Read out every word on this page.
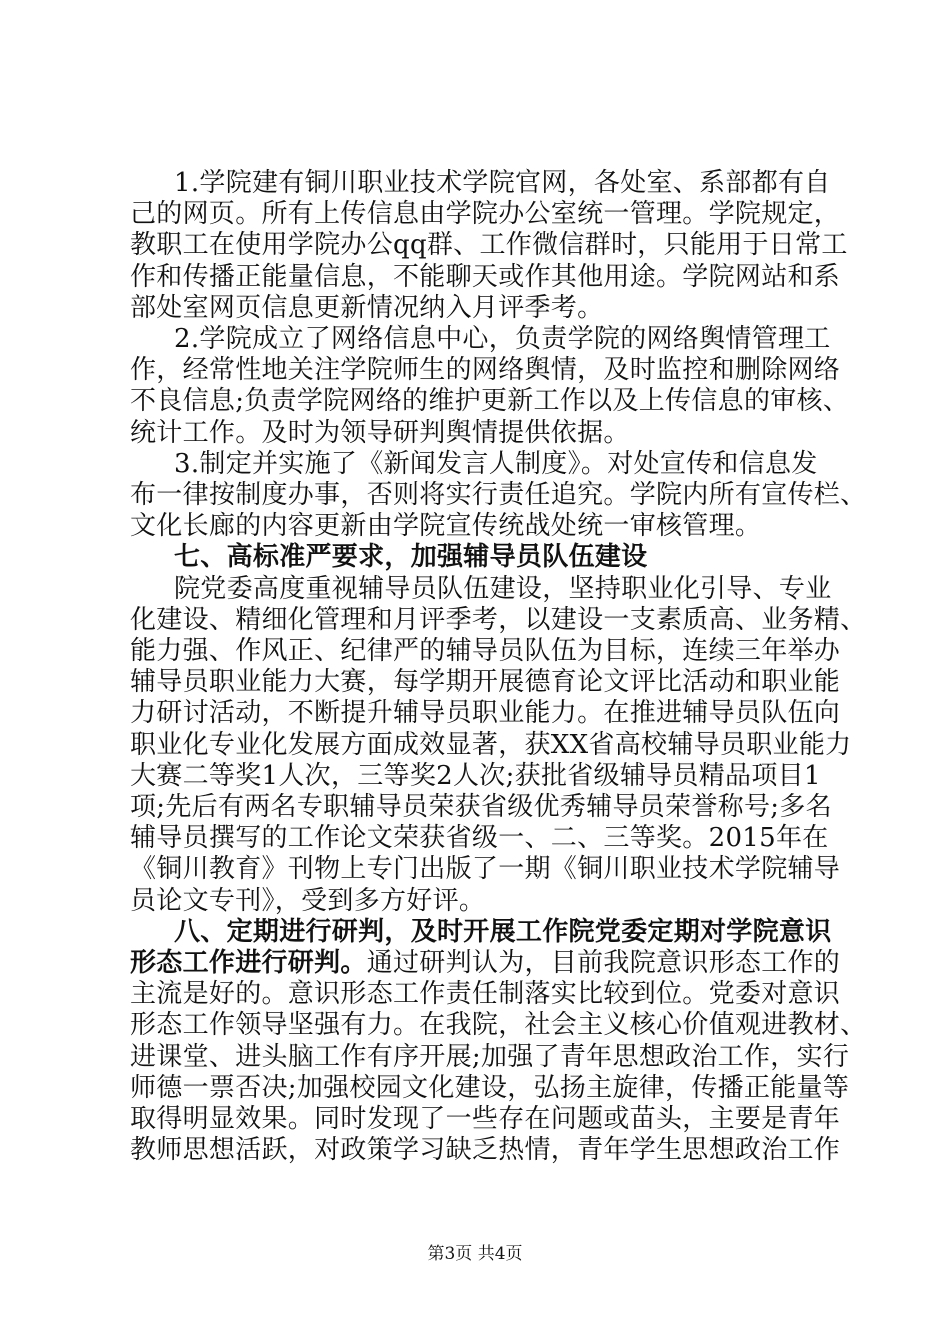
1.学院建有铜川职业技术学院官网，各处室、系部都有自
己的网页。所有上传信息由学院办公室统一管理。学院规定，
教职工在使用学院办公qq群、工作微信群时，只能用于日常工
作和传播正能量信息，不能聊天或作其他用途。学院网站和系
部处室网页信息更新情况纳入月评季考。
2.学院成立了网络信息中心，负责学院的网络舆情管理工
作，经常性地关注学院师生的网络舆情，及时监控和删除网络
不良信息;负责学院网络的维护更新工作以及上传信息的审核、
统计工作。及时为领导研判舆情提供依据。
3.制定并实施了《新闻发言人制度》。对处宣传和信息发
布一律按制度办事，否则将实行责任追究。学院内所有宣传栏、
文化长廊的内容更新由学院宣传统战处统一审核管理。
七、高标准严要求，加强辅导员队伍建设
院党委高度重视辅导员队伍建设，坚持职业化引导、专业
化建设、精细化管理和月评季考，以建设一支素质高、业务精、
能力强、作风正、纪律严的辅导员队伍为目标，连续三年举办
辅导员职业能力大赛，每学期开展德育论文评比活动和职业能
力研讨活动，不断提升辅导员职业能力。在推进辅导员队伍向
职业化专业化发展方面成效显著，获XX省高校辅导员职业能力
大赛二等奖1人次，三等奖2人次;获批省级辅导员精品项目1
项;先后有两名专职辅导员荣获省级优秀辅导员荣誉称号;多名
辅导员撰写的工作论文荣获省级一、二、三等奖。2015年在
《铜川教育》刊物上专门出版了一期《铜川职业技术学院辅导
员论文专刊》，受到多方好评。
八、定期进行研判，及时开展工作院党委定期对学院意识
形态工作进行研判。通过研判认为，目前我院意识形态工作的
主流是好的。意识形态工作责任制落实比较到位。党委对意识
形态工作领导坚强有力。在我院，社会主义核心价值观进教材、
进课堂、进头脑工作有序开展;加强了青年思想政治工作，实行
师德一票否决;加强校园文化建设，弘扬主旋律，传播正能量等
取得明显效果。同时发现了一些存在问题或苗头，主要是青年
教师思想活跃，对政策学习缺乏热情，青年学生思想政治工作
第3页 共4页
